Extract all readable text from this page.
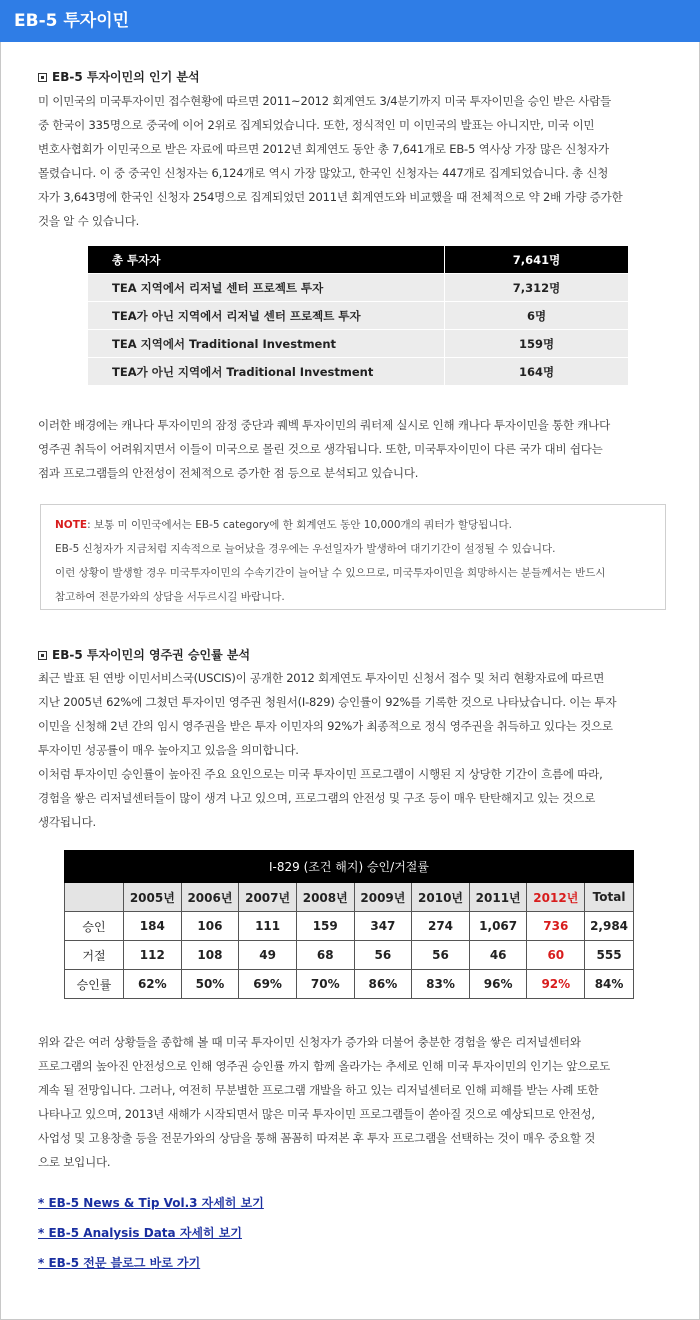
EB-5 투자이민
EB-5 투자이민의 인기 분석
미 이민국의 미국투자이민 접수현황에 따르면 2011~2012 회계연도 3/4분기까지 미국 투자이민을 승인 받은 사람들
중 한국이 335명으로 중국에 이어 2위로 집계되었습니다. 또한, 정식적인 미 이민국의 발표는 아니지만, 미국 이민
변호사협회가 이민국으로 받은 자료에 따르면 2012년 회계연도 동안 총 7,641개로 EB-5 역사상 가장 많은 신청자가
몰렸습니다. 이 중 중국인 신청자는 6,124개로 역시 가장 많았고, 한국인 신청자는 447개로 집계되었습니다. 총 신청
자가 3,643명에 한국인 신청자 254명으로 집계되었던 2011년 회계연도와 비교했을 때 전체적으로 약 2배 가량 증가한
것을 알 수 있습니다.
총 투자자	7,641명
TEA 지역에서 리저널 센터 프로젝트 투자	7,312명
TEA가 아닌 지역에서 리저널 센터 프로젝트 투자	6명
TEA 지역에서 Traditional Investment	159명
TEA가 아닌 지역에서 Traditional Investment	164명
이러한 배경에는 캐나다 투자이민의 잠정 중단과 퀘벡 투자이민의 쿼터제 실시로 인해 캐나다 투자이민을 통한 캐나다
영주권 취득이 어려워지면서 이들이 미국으로 몰린 것으로 생각됩니다. 또한, 미국투자이민이 다른 국가 대비 쉽다는
점과 프로그램들의 안전성이 전체적으로 증가한 점 등으로 분석되고 있습니다.
NOTE: 보통 미 이민국에서는 EB-5 category에 한 회계연도 동안 10,000개의 쿼터가 할당됩니다.
EB-5 신청자가 지금처럼 지속적으로 늘어났을 경우에는 우선일자가 발생하여 대기기간이 설정될 수 있습니다.
이런 상황이 발생할 경우 미국투자이민의 수속기간이 늘어날 수 있으므로, 미국투자이민을 희망하시는 분들께서는 반드시
참고하여 전문가와의 상담을 서두르시길 바랍니다.
EB-5 투자이민의 영주권 승인률 분석
최근 발표 된 연방 이민서비스국(USCIS)이 공개한 2012 회계연도 투자이민 신청서 접수 및 처리 현황자료에 따르면
지난 2005년 62%에 그쳤던 투자이민 영주권 청원서(I-829) 승인률이 92%를 기록한 것으로 나타났습니다. 이는 투자
이민을 신청해 2년 간의 임시 영주권을 받은 투자 이민자의 92%가 최종적으로 정식 영주권을 취득하고 있다는 것으로
투자이민 성공률이 매우 높아지고 있음을 의미합니다.
이처럼 투자이민 승인률이 높아진 주요 요인으로는 미국 투자이민 프로그램이 시행된 지 상당한 기간이 흐름에 따라,
경험을 쌓은 리저널센터들이 많이 생겨 나고 있으며, 프로그램의 안전성 및 구조 등이 매우 탄탄해지고 있는 것으로
생각됩니다.
I-829 (조건 해지) 승인/거절률									
	2005년	2006년	2007년	2008년	2009년	2010년	2011년	2012년	Total
승인	184	106	111	159	347	274	1,067	736	2,984
거절	112	108	49	68	56	56	46	60	555
승인률	62%	50%	69%	70%	86%	83%	96%	92%	84%
위와 같은 여러 상황들을 종합해 볼 때 미국 투자이민 신청자가 증가와 더불어 충분한 경험을 쌓은 리저널센터와
프로그램의 높아진 안전성으로 인해 영주권 승인률 까지 함께 올라가는 추세로 인해 미국 투자이민의 인기는 앞으로도
계속 될 전망입니다. 그러나, 여전히 무분별한 프로그램 개발을 하고 있는 리저널센터로 인해 피해를 받는 사례 또한
나타나고 있으며, 2013년 새해가 시작되면서 많은 미국 투자이민 프로그램들이 쏟아질 것으로 예상되므로 안전성,
사업성 및 고용창출 등을 전문가와의 상담을 통해 꼼꼼히 따져본 후 투자 프로그램을 선택하는 것이 매우 중요할 것
으로 보입니다.
* EB-5 News & Tip Vol.3 자세히 보기
* EB-5 Analysis Data 자세히 보기
* EB-5 전문 블로그 바로 가기
